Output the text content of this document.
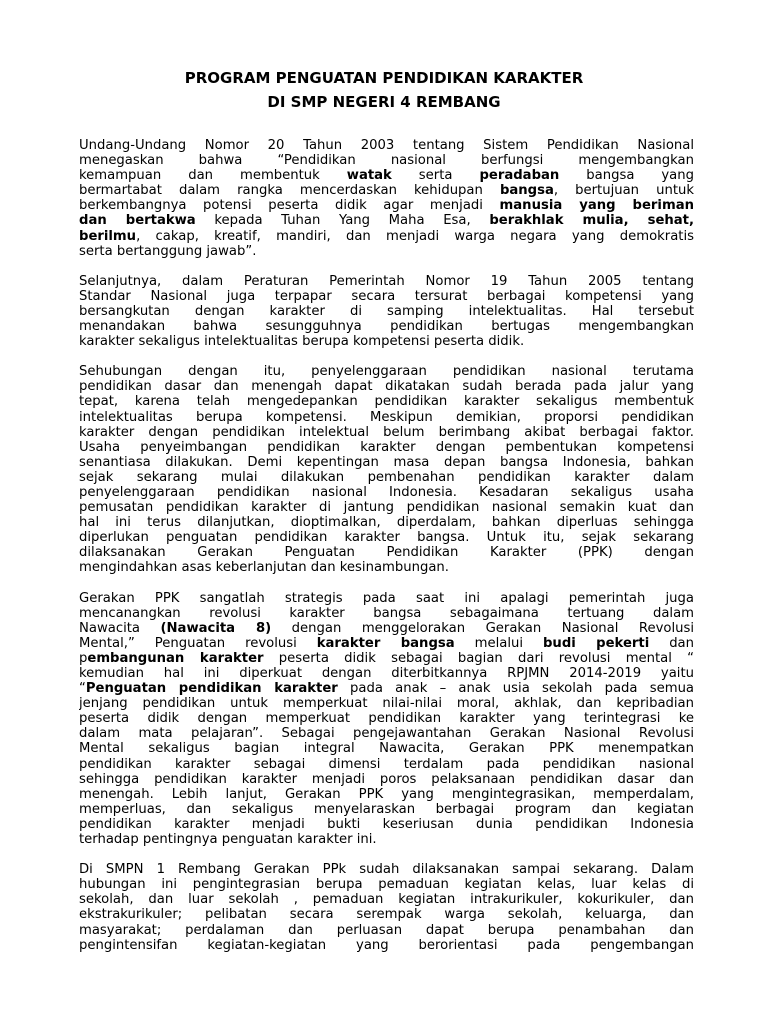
PROGRAM PENGUATAN PENDIDIKAN KARAKTER
DI SMP NEGERI 4 REMBANG
Undang-Undang Nomor 20 Tahun 2003 tentang Sistem Pendidikan Nasional
menegaskan bahwa “Pendidikan nasional berfungsi mengembangkan
kemampuan dan membentuk watak serta peradaban bangsa yang
bermartabat dalam rangka mencerdaskan kehidupan bangsa, bertujuan untuk
berkembangnya potensi peserta didik agar menjadi manusia yang beriman
dan bertakwa kepada Tuhan Yang Maha Esa, berakhlak mulia, sehat,
berilmu, cakap, kreatif, mandiri, dan menjadi warga negara yang demokratis
serta bertanggung jawab”.
Selanjutnya, dalam Peraturan Pemerintah Nomor 19 Tahun 2005 tentang
Standar Nasional juga terpapar secara tersurat berbagai kompetensi yang
bersangkutan dengan karakter di samping intelektualitas. Hal tersebut
menandakan bahwa sesungguhnya pendidikan bertugas mengembangkan
karakter sekaligus intelektualitas berupa kompetensi peserta didik.
Sehubungan dengan itu, penyelenggaraan pendidikan nasional terutama
pendidikan dasar dan menengah dapat dikatakan sudah berada pada jalur yang
tepat, karena telah mengedepankan pendidikan karakter sekaligus membentuk
intelektualitas berupa kompetensi. Meskipun demikian, proporsi pendidikan
karakter dengan pendidikan intelektual belum berimbang akibat berbagai faktor.
Usaha penyeimbangan pendidikan karakter dengan pembentukan kompetensi
senantiasa dilakukan. Demi kepentingan masa depan bangsa Indonesia, bahkan
sejak sekarang mulai dilakukan pembenahan pendidikan karakter dalam
penyelenggaraan pendidikan nasional Indonesia. Kesadaran sekaligus usaha
pemusatan pendidikan karakter di jantung pendidikan nasional semakin kuat dan
hal ini terus dilanjutkan, dioptimalkan, diperdalam, bahkan diperluas sehingga
diperlukan penguatan pendidikan karakter bangsa. Untuk itu, sejak sekarang
dilaksanakan Gerakan Penguatan Pendidikan Karakter (PPK) dengan
mengindahkan asas keberlanjutan dan kesinambungan.
Gerakan PPK sangatlah strategis pada saat ini apalagi pemerintah juga
mencanangkan revolusi karakter bangsa sebagaimana tertuang dalam
Nawacita (Nawacita 8) dengan menggelorakan Gerakan Nasional Revolusi
Mental,” Penguatan revolusi karakter bangsa melalui budi pekerti dan
pembangunan karakter peserta didik sebagai bagian dari revolusi mental “
kemudian hal ini diperkuat dengan diterbitkannya RPJMN 2014-2019 yaitu
“Penguatan pendidikan karakter pada anak – anak usia sekolah pada semua
jenjang pendidikan untuk memperkuat nilai-nilai moral, akhlak, dan kepribadian
peserta didik dengan memperkuat pendidikan karakter yang terintegrasi ke
dalam mata pelajaran”. Sebagai pengejawantahan Gerakan Nasional Revolusi
Mental sekaligus bagian integral Nawacita, Gerakan PPK menempatkan
pendidikan karakter sebagai dimensi terdalam pada pendidikan nasional
sehingga pendidikan karakter menjadi poros pelaksanaan pendidikan dasar dan
menengah. Lebih lanjut, Gerakan PPK yang mengintegrasikan, memperdalam,
memperluas, dan sekaligus menyelaraskan berbagai program dan kegiatan
pendidikan karakter menjadi bukti keseriusan dunia pendidikan Indonesia
terhadap pentingnya penguatan karakter ini.
Di SMPN 1 Rembang Gerakan PPk sudah dilaksanakan sampai sekarang. Dalam
hubungan ini pengintegrasian berupa pemaduan kegiatan kelas, luar kelas di
sekolah, dan luar sekolah , pemaduan kegiatan intrakurikuler, kokurikuler, dan
ekstrakurikuler; pelibatan secara serempak warga sekolah, keluarga, dan
masyarakat; perdalaman dan perluasan dapat berupa penambahan dan
pengintensifan kegiatan-kegiatan yang berorientasi pada pengembangan
